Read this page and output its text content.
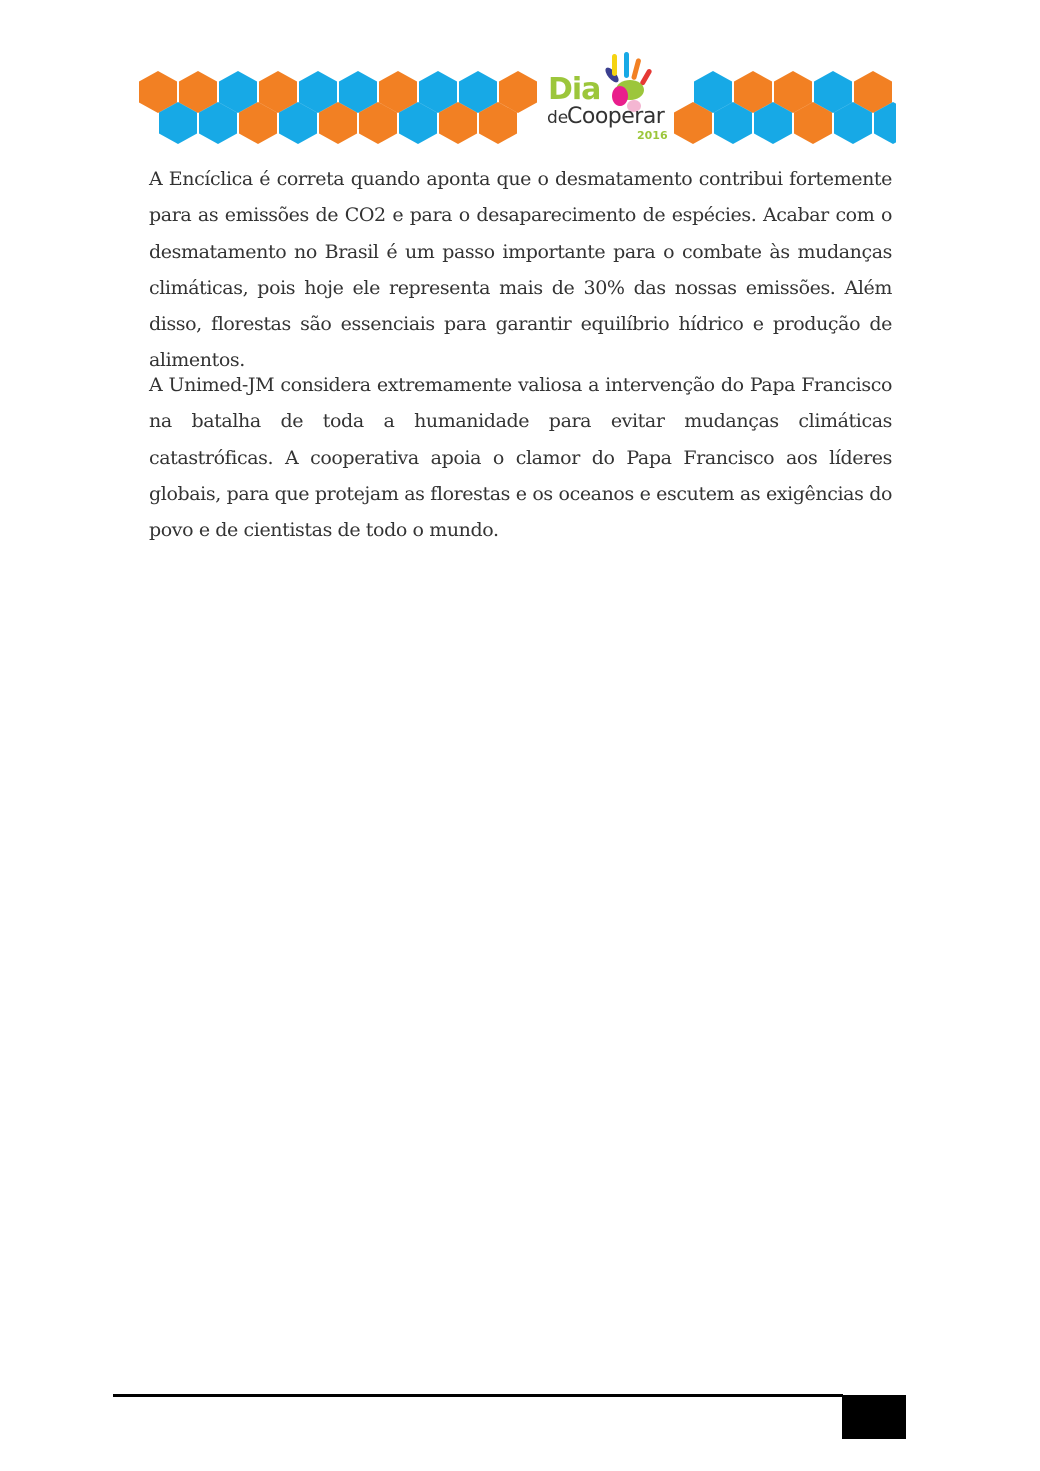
Dia
de
Cooperar
2016

A Encíclica é correta quando aponta que o desmatamento contribui fortemente para as emissões de CO2 e para o desaparecimento de espécies. Acabar com o desmatamento no Brasil é um passo importante para o combate às mudanças climáticas, pois hoje ele representa mais de 30% das nossas emissões. Além disso, florestas são essenciais para garantir equilíbrio hídrico e produção de alimentos.

A Unimed-JM considera extremamente valiosa a intervenção do Papa Francisco na batalha de toda a humanidade para evitar mudanças climáticas catastróficas. A cooperativa apoia o clamor do Papa Francisco aos líderes globais, para que protejam as florestas e os oceanos e escutem as exigências do povo e de cientistas de todo o mundo.
